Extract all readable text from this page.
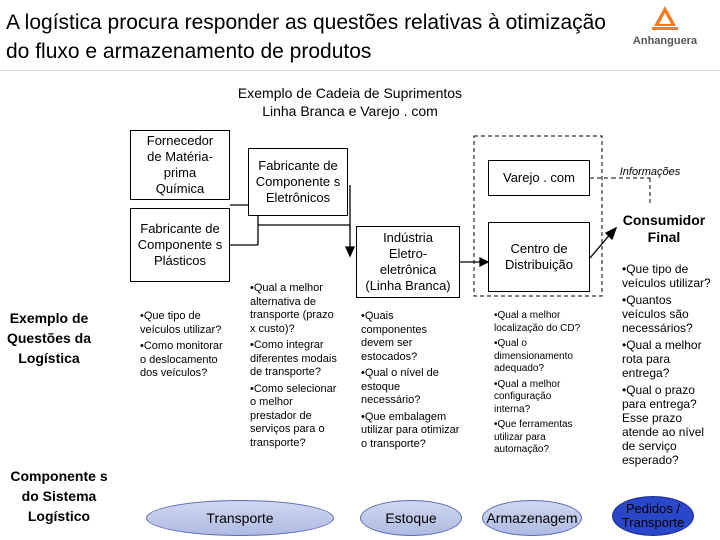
A logística procura responder as questões relativas à otimização do fluxo e armazenamento de produtos	Anhanguera
Exemplo de Cadeia de Suprimentos
Linha Branca e Varejo . com
Fornecedor de Matéria-prima Química
Fabricante de Componente s Eletrônicos
Fabricante de Componente s Plásticos
Indústria Eletro-eletrônica (Linha Branca)
Varejo . com
Centro de Distribuição
Informações
Consumidor Final
Exemplo de Questões da Logística
Componente s do Sistema Logístico
•Que tipo de veículos utilizar?
•Como monitorar o deslocamento dos veículos?
•Qual a melhor alternativa de transporte (prazo x custo)?
•Como integrar diferentes modais de transporte?
•Como selecionar o melhor prestador de serviços para o transporte?
•Quais componentes devem ser estocados?
•Qual o nível de estoque necessário?
•Que embalagem utilizar para otimizar o transporte?
•Qual a melhor localização do CD?
•Qual o dimensionamento adequado?
•Qual a melhor configuração interna?
•Que ferramentas utilizar para automação?
•Que tipo de veículos utilizar?
•Quantos veículos são necessários?
•Qual a melhor rota para entrega?
•Qual o prazo para entrega? Esse prazo atende ao nível de serviço esperado?
Transporte	Estoque	Armazenagem
Pedidos / Transporte
